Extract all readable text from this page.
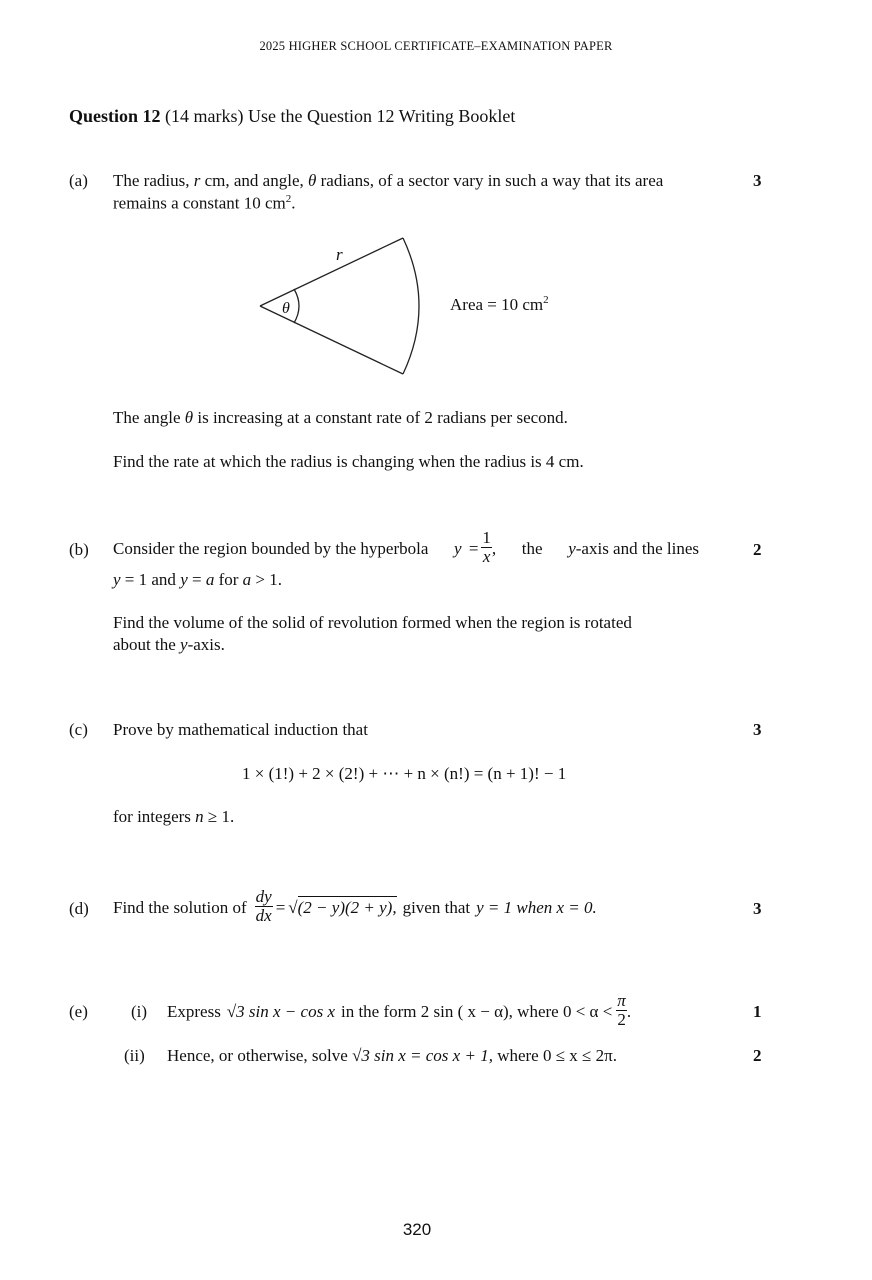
2025 HIGHER SCHOOL CERTIFICATE–EXAMINATION PAPER
Question 12 (14 marks) Use the Question 12 Writing Booklet
(a)	3
The radius, r cm, and angle, θ radians, of a sector vary in such a way that its area
remains a constant 10 $cm^2$.
r
θ	Area = 10 $cm^2$
The angle θ is increasing at a constant rate of 2 radians per second.
Find the rate at which the radius is changing when the radius is 4 cm.
(b)	2
Consider the region bounded by the hyperbola $y = \frac{1}{x}$ , the y-axis and the lines
y = 1 and y = a for a > 1.
Find the volume of the solid of revolution formed when the region is rotated
about the y-axis.
(c)	3
Prove by mathematical induction that
1 × (1!) + 2 × (2!) + ⋯ + n × (n!) = (n + 1)! − 1
for integers n ≥ 1.
(d)	3
Find the solution of $\frac{dy}{dx} = √(2 - y)(2 + y)$, given that y = 1 when x = 0.
(e)	(i)	1
Express √3 sin x − cos x in the form 2 sin ( x − α), where $0 < \alpha < \frac{\pi}{2}$ .
(ii)	2
Hence, or otherwise, solve √3 sin x = cos x + 1, where 0 ≤ x ≤ 2π.
320
